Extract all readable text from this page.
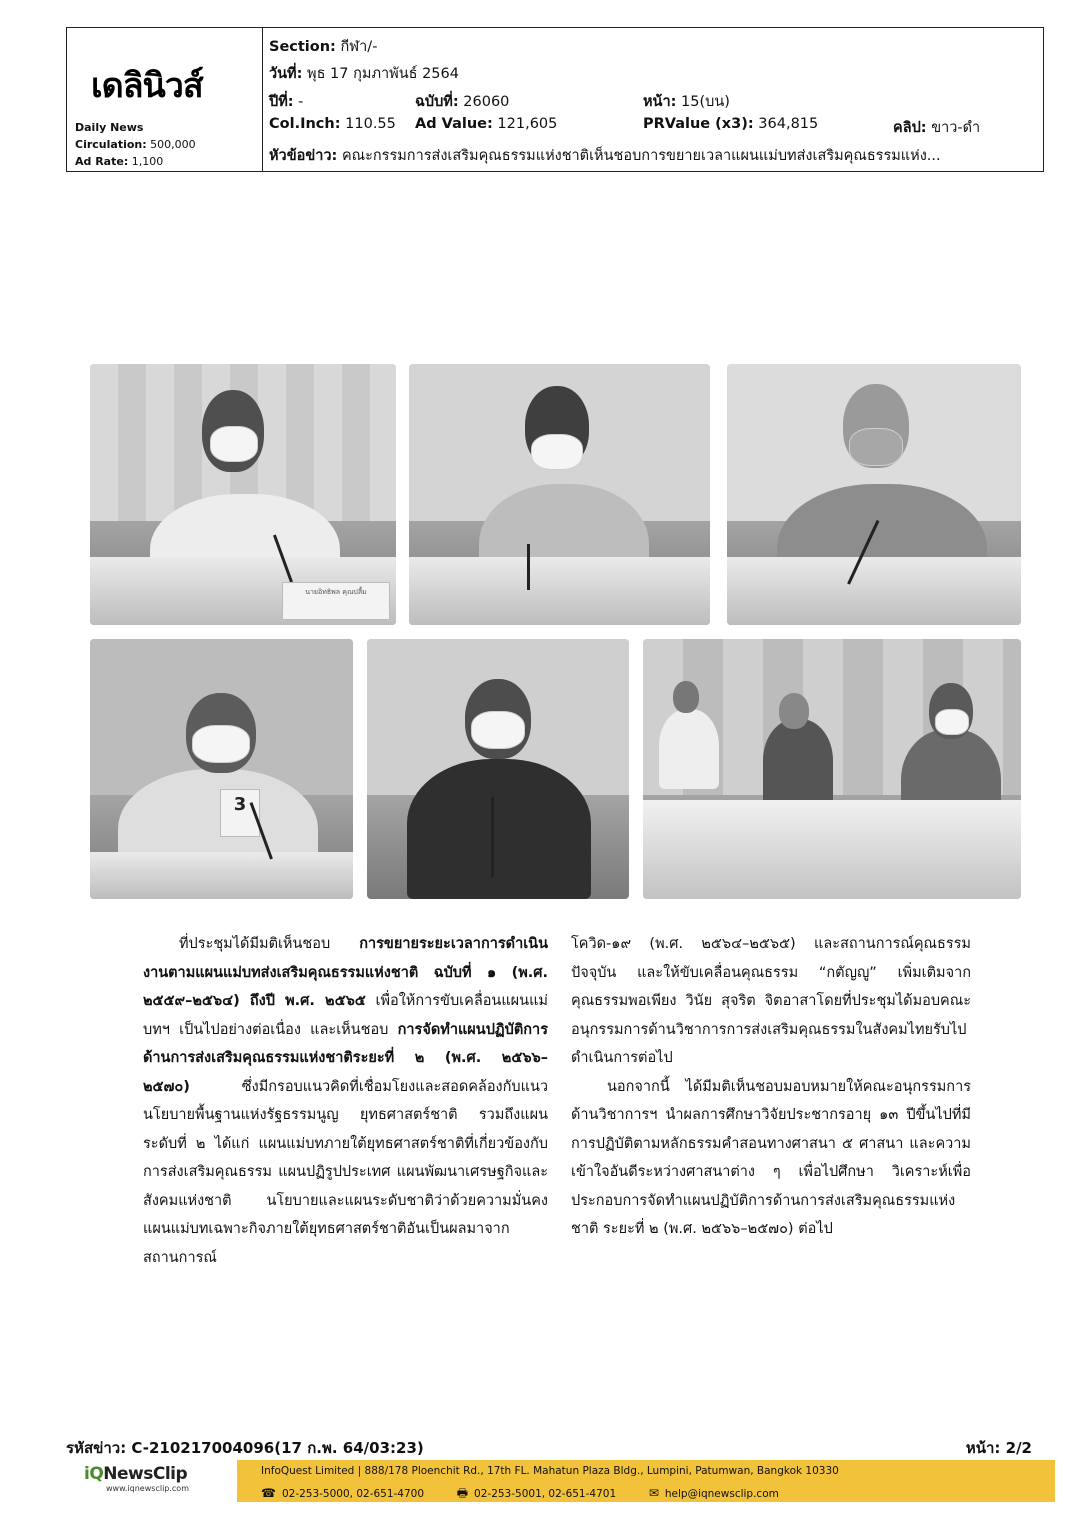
เดลินิวส์
Daily News
Circulation: 500,000
Ad Rate: 1,100
Section: กีฬา/-
วันที่: พุธ 17 กุมภาพันธ์ 2564
ปีที่: -	ฉบับที่: 26060	หน้า: 15(บน)
Col.Inch: 110.55 Ad Value: 121,605	PRValue (x3): 364,815	คลิป: ขาว-ดำ
หัวข้อข่าว: คณะกรรมการส่งเสริมคุณธรรมแห่งชาติเห็นชอบการขยายเวลาแผนแม่บทส่งเสริมคุณธรรมแห่ง...
นายอิทธิพล คุณปลื้ม
3

ที่ประชุมได้มีมติเห็นชอบ การขยายระยะเวลาการดำเนินงานตามแผนแม่บทส่งเสริมคุณธรรมแห่งชาติ ฉบับที่ ๑ (พ.ศ. ๒๕๕๙–๒๕๖๔) ถึงปี พ.ศ. ๒๕๖๕ เพื่อให้การขับเคลื่อนแผนแม่บทฯ เป็นไปอย่างต่อเนื่อง และเห็นชอบ การจัดทำแผนปฏิบัติการด้านการส่งเสริมคุณธรรมแห่งชาติระยะที่ ๒ (พ.ศ. ๒๕๖๖–๒๕๗๐) ซึ่งมีกรอบแนวคิดที่เชื่อมโยงและสอดคล้องกับแนวนโยบายพื้นฐานแห่งรัฐธรรมนูญ ยุทธศาสตร์ชาติ รวมถึงแผนระดับที่ ๒ ได้แก่ แผนแม่บทภายใต้ยุทธศาสตร์ชาติที่เกี่ยวข้องกับการส่งเสริมคุณธรรม แผนปฏิรูปประเทศ แผนพัฒนาเศรษฐกิจและสังคมแห่งชาติ นโยบายและแผนระดับชาติว่าด้วยความมั่นคง แผนแม่บทเฉพาะกิจภายใต้ยุทธศาสตร์ชาติอันเป็นผลมาจากสถานการณ์

โควิด-๑๙ (พ.ศ. ๒๕๖๔–๒๕๖๕) และสถานการณ์คุณธรรมปัจจุบัน และให้ขับเคลื่อนคุณธรรม “กตัญญู” เพิ่มเติมจากคุณธรรมพอเพียง วินัย สุจริต จิตอาสาโดยที่ประชุมได้มอบคณะอนุกรรมการด้านวิชาการการส่งเสริมคุณธรรมในสังคมไทยรับไปดำเนินการต่อไป

นอกจากนี้ ได้มีมติเห็นชอบมอบหมายให้คณะอนุกรรมการด้านวิชาการฯ นำผลการศึกษาวิจัยประชากรอายุ ๑๓ ปีขึ้นไปที่มีการปฏิบัติตามหลักธรรมคำสอนทางศาสนา ๕ ศาสนา และความเข้าใจอันดีระหว่างศาสนาต่าง ๆ เพื่อไปศึกษา วิเคราะห์เพื่อประกอบการจัดทำแผนปฏิบัติการด้านการส่งเสริมคุณธรรมแห่งชาติ ระยะที่ ๒ (พ.ศ. ๒๕๖๖–๒๕๗๐) ต่อไป

รหัสข่าว: C-210217004096(17 ก.พ. 64/03:23)	หน้า: 2/2
iQNewsClip
www.iqnewsclip.com
InfoQuest Limited | 888/178 Ploenchit Rd., 17th FL. Mahatun Plaza Bldg., Lumpini, Patumwan, Bangkok 10330
☎ 02-253-5000, 02-651-4700	🖶 02-253-5001, 02-651-4701	✉ help@iqnewsclip.com
